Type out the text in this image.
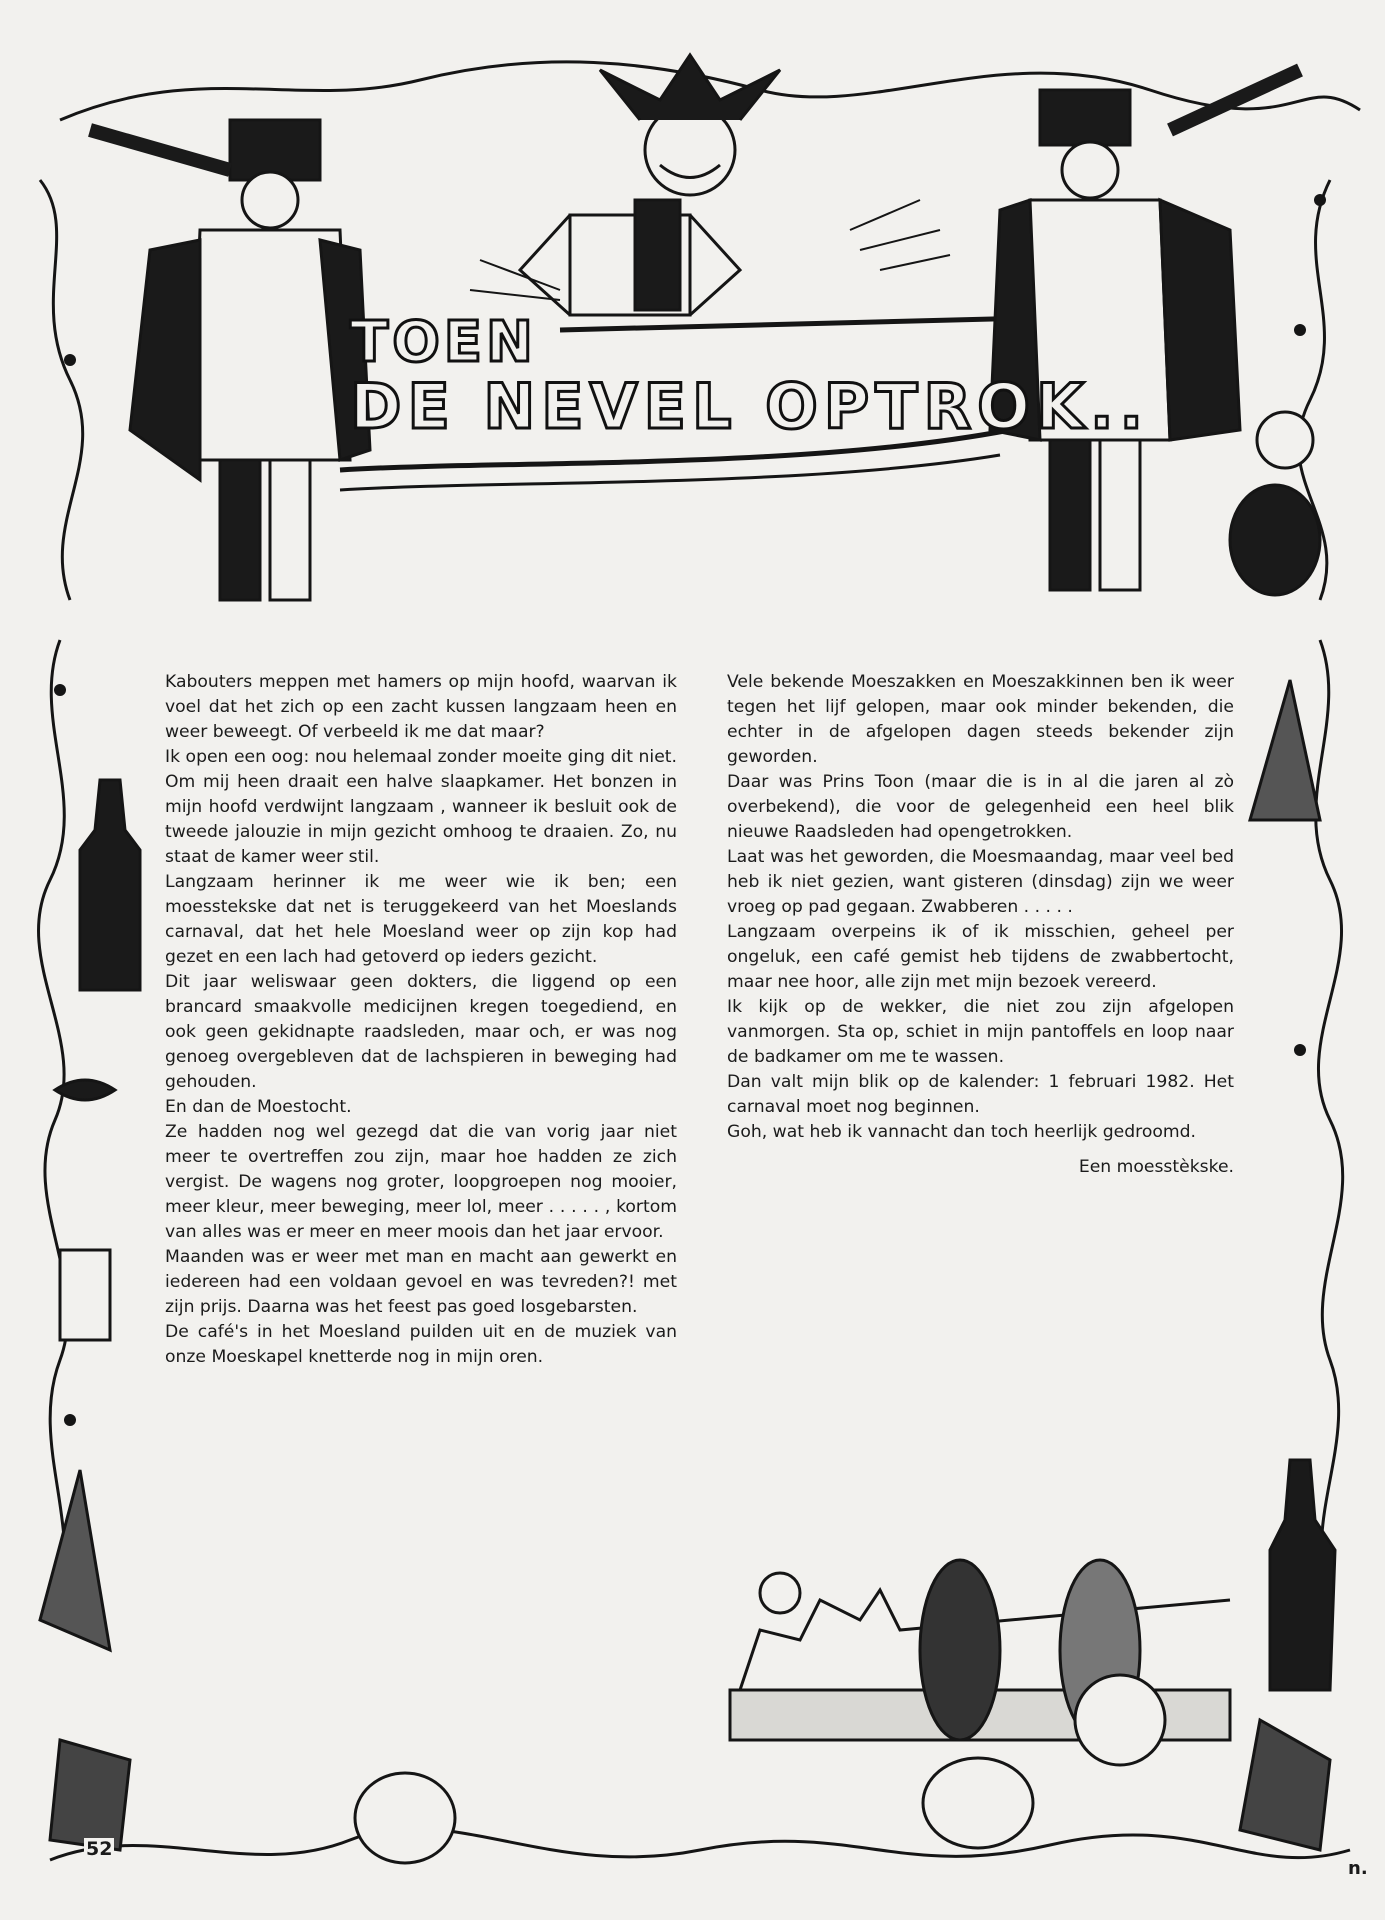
TOEN
DE NEVEL OPTROK..

Kabouters meppen met hamers op mijn hoofd, waarvan ik voel dat het zich op een zacht kussen langzaam heen en weer beweegt. Of verbeeld ik me dat maar?

Ik open een oog: nou helemaal zonder moeite ging dit niet. Om mij heen draait een halve slaapkamer. Het bonzen in mijn hoofd verdwijnt langzaam , wanneer ik besluit ook de tweede jalouzie in mijn gezicht omhoog te draaien. Zo, nu staat de kamer weer stil.

Langzaam herinner ik me weer wie ik ben; een moesstekske dat net is teruggekeerd van het Moeslands carnaval, dat het hele Moesland weer op zijn kop had gezet en een lach had getoverd op ieders gezicht.

Dit jaar weliswaar geen dokters, die liggend op een brancard smaakvolle medicijnen kregen toegediend, en ook geen gekidnapte raadsleden, maar och, er was nog genoeg overgebleven dat de lachspieren in beweging had gehouden.

En dan de Moestocht.

Ze hadden nog wel gezegd dat die van vorig jaar niet meer te overtreffen zou zijn, maar hoe hadden ze zich vergist. De wagens nog groter, loopgroepen nog mooier, meer kleur, meer beweging, meer lol, meer . . . . . , kortom van alles was er meer en meer moois dan het jaar ervoor.

Maanden was er weer met man en macht aan gewerkt en iedereen had een voldaan gevoel en was tevreden?! met zijn prijs. Daarna was het feest pas goed losgebarsten.

De café's in het Moesland puilden uit en de muziek van onze Moeskapel knetterde nog in mijn oren.

Vele bekende Moeszakken en Moeszakkinnen ben ik weer tegen het lijf gelopen, maar ook minder bekenden, die echter in de afgelopen dagen steeds bekender zijn geworden.

Daar was Prins Toon (maar die is in al die jaren al zò overbekend), die voor de gelegenheid een heel blik nieuwe Raadsleden had opengetrokken.

Laat was het geworden, die Moesmaandag, maar veel bed heb ik niet gezien, want gisteren (dinsdag) zijn we weer vroeg op pad gegaan. Zwabberen . . . . .

Langzaam overpeins ik of ik misschien, geheel per ongeluk, een café gemist heb tijdens de zwabbertocht, maar nee hoor, alle zijn met mijn bezoek vereerd.

Ik kijk op de wekker, die niet zou zijn afgelopen vanmorgen. Sta op, schiet in mijn pantoffels en loop naar de badkamer om me te wassen.

Dan valt mijn blik op de kalender: 1 februari 1982. Het carnaval moet nog beginnen.

Goh, wat heb ik vannacht dan toch heerlijk gedroomd.

Een moesstèkske.

52
n.
